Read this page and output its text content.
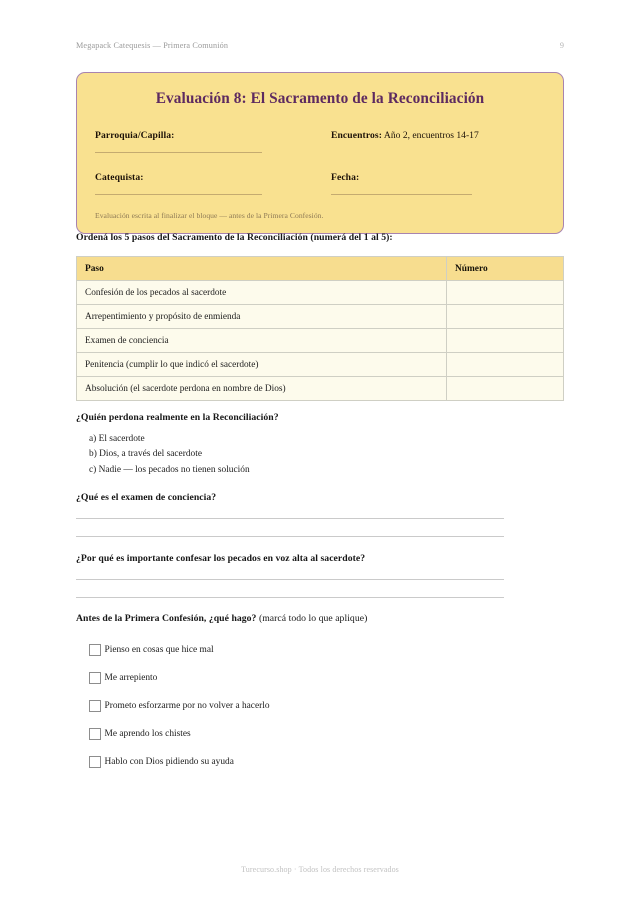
Megapack Catequesis — Primera Comunión	9
Evaluación 8: El Sacramento de la Reconciliación
Parroquia/Capilla:	Encuentros: Año 2, encuentros 14-17
Catequista:	Fecha:
Evaluación escrita al finalizar el bloque — antes de la Primera Confesión.
Ordená los 5 pasos del Sacramento de la Reconciliación (numerá del 1 al 5):
Paso	Número
Confesión de los pecados al sacerdote	
Arrepentimiento y propósito de enmienda	
Examen de conciencia	
Penitencia (cumplir lo que indicó el sacerdote)	
Absolución (el sacerdote perdona en nombre de Dios)	
¿Quién perdona realmente en la Reconciliación?
a) El sacerdote
b) Dios, a través del sacerdote
c) Nadie — los pecados no tienen solución
¿Qué es el examen de conciencia?
¿Por qué es importante confesar los pecados en voz alta al sacerdote?
Antes de la Primera Confesión, ¿qué hago? (marcá todo lo que aplique)
Pienso en cosas que hice mal
Me arrepiento
Prometo esforzarme por no volver a hacerlo
Me aprendo los chistes
Hablo con Dios pidiendo su ayuda
Turecurso.shop · Todos los derechos reservados
